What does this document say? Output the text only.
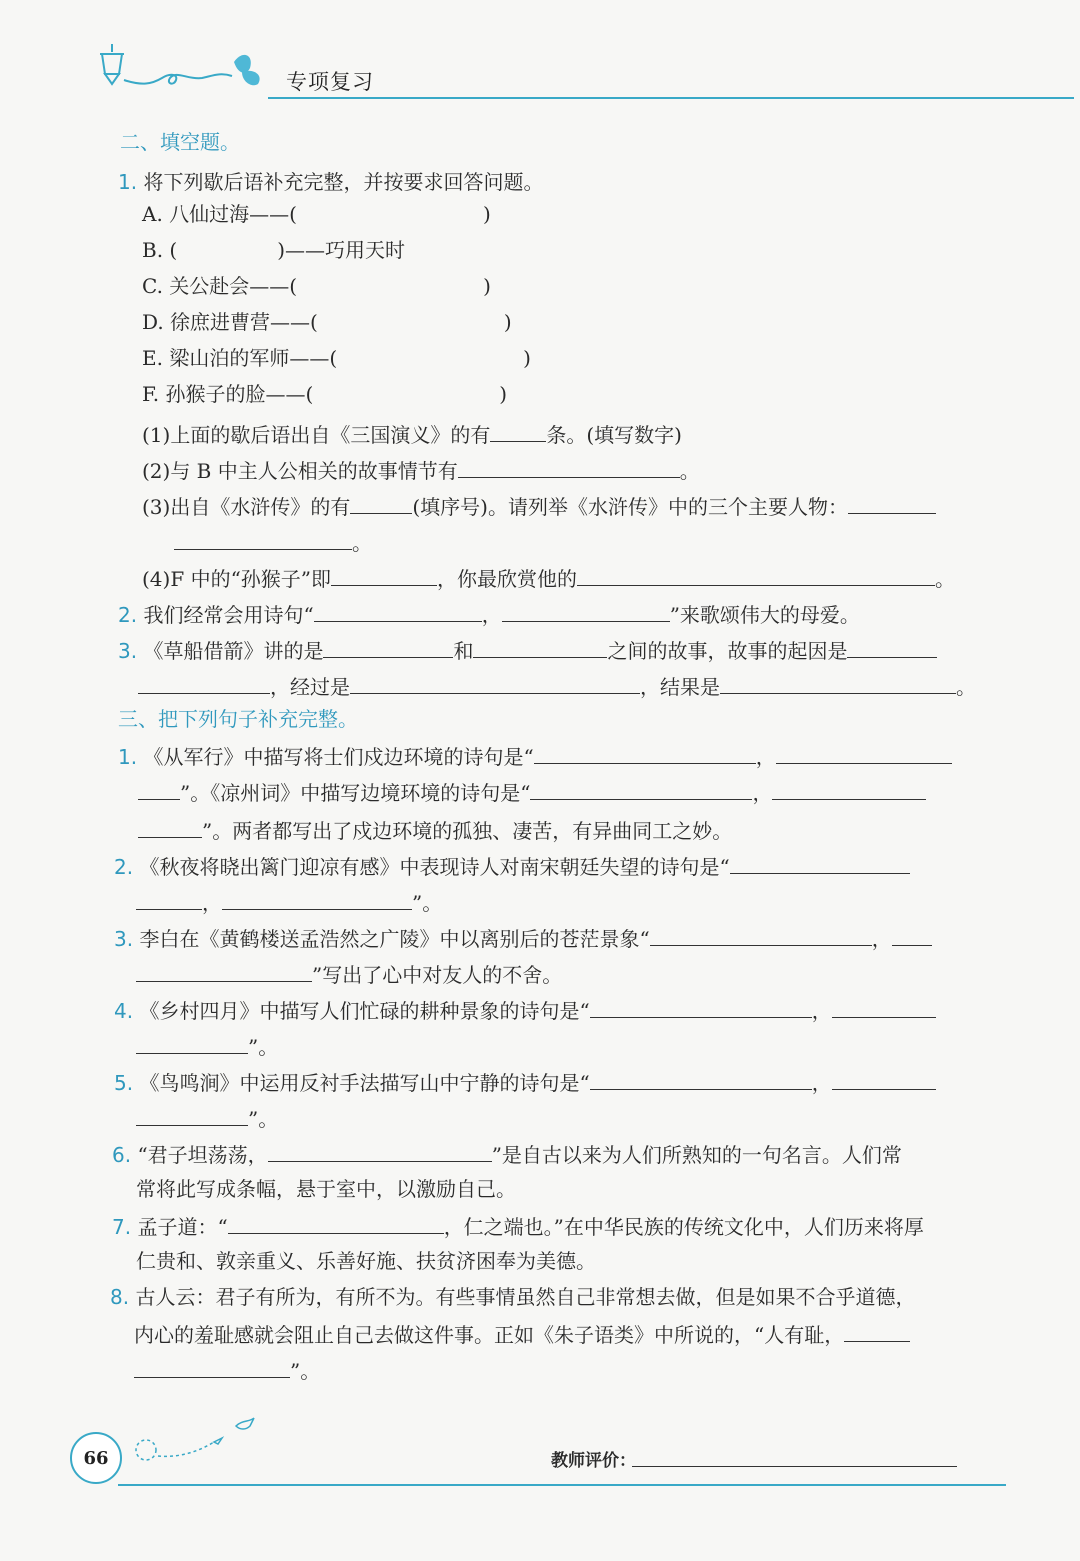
专项复习
二、填空题。
1. 将下列歇后语补充完整，并按要求回答问题。
A. 八仙过海——(	)
B. (	)——巧用天时
C. 关公赴会——(	)
D. 徐庶进曹营——(	)
E. 梁山泊的军师——(	)
F. 孙猴子的脸——(	)
(1)上面的歇后语出自《三国演义》的有	条。(填写数字)
(2)与 B 中主人公相关的故事情节有	。
(3)出自《水浒传》的有	(填序号)。请列举《水浒传》中的三个主要人物：
。
(4)F 中的“孙猴子”即	，你最欣赏他的	。
2. 我们经常会用诗句“	，	”来歌颂伟大的母爱。
3. 《草船借箭》讲的是	和	之间的故事，故事的起因是
，经过是	，结果是	。
三、把下列句子补充完整。
1. 《从军行》中描写将士们戍边环境的诗句是“	，
”。《凉州词》中描写边境环境的诗句是“	，
”。两者都写出了戍边环境的孤独、凄苦，有异曲同工之妙。
2. 《秋夜将晓出篱门迎凉有感》中表现诗人对南宋朝廷失望的诗句是“
，	”。
3. 李白在《黄鹤楼送孟浩然之广陵》中以离别后的苍茫景象“	，
”写出了心中对友人的不舍。
4. 《乡村四月》中描写人们忙碌的耕种景象的诗句是“	，
”。
5. 《鸟鸣涧》中运用反衬手法描写山中宁静的诗句是“	，
”。
6. “君子坦荡荡，	”是自古以来为人们所熟知的一句名言。人们常
常将此写成条幅，悬于室中，以激励自己。
7. 孟子道：“	，仁之端也。”在中华民族的传统文化中，人们历来将厚
仁贵和、敦亲重义、乐善好施、扶贫济困奉为美德。
8. 古人云：君子有所为，有所不为。有些事情虽然自己非常想去做，但是如果不合乎道德，
内心的羞耻感就会阻止自己去做这件事。正如《朱子语类》中所说的，“人有耻，
”。
66	教师评价：
